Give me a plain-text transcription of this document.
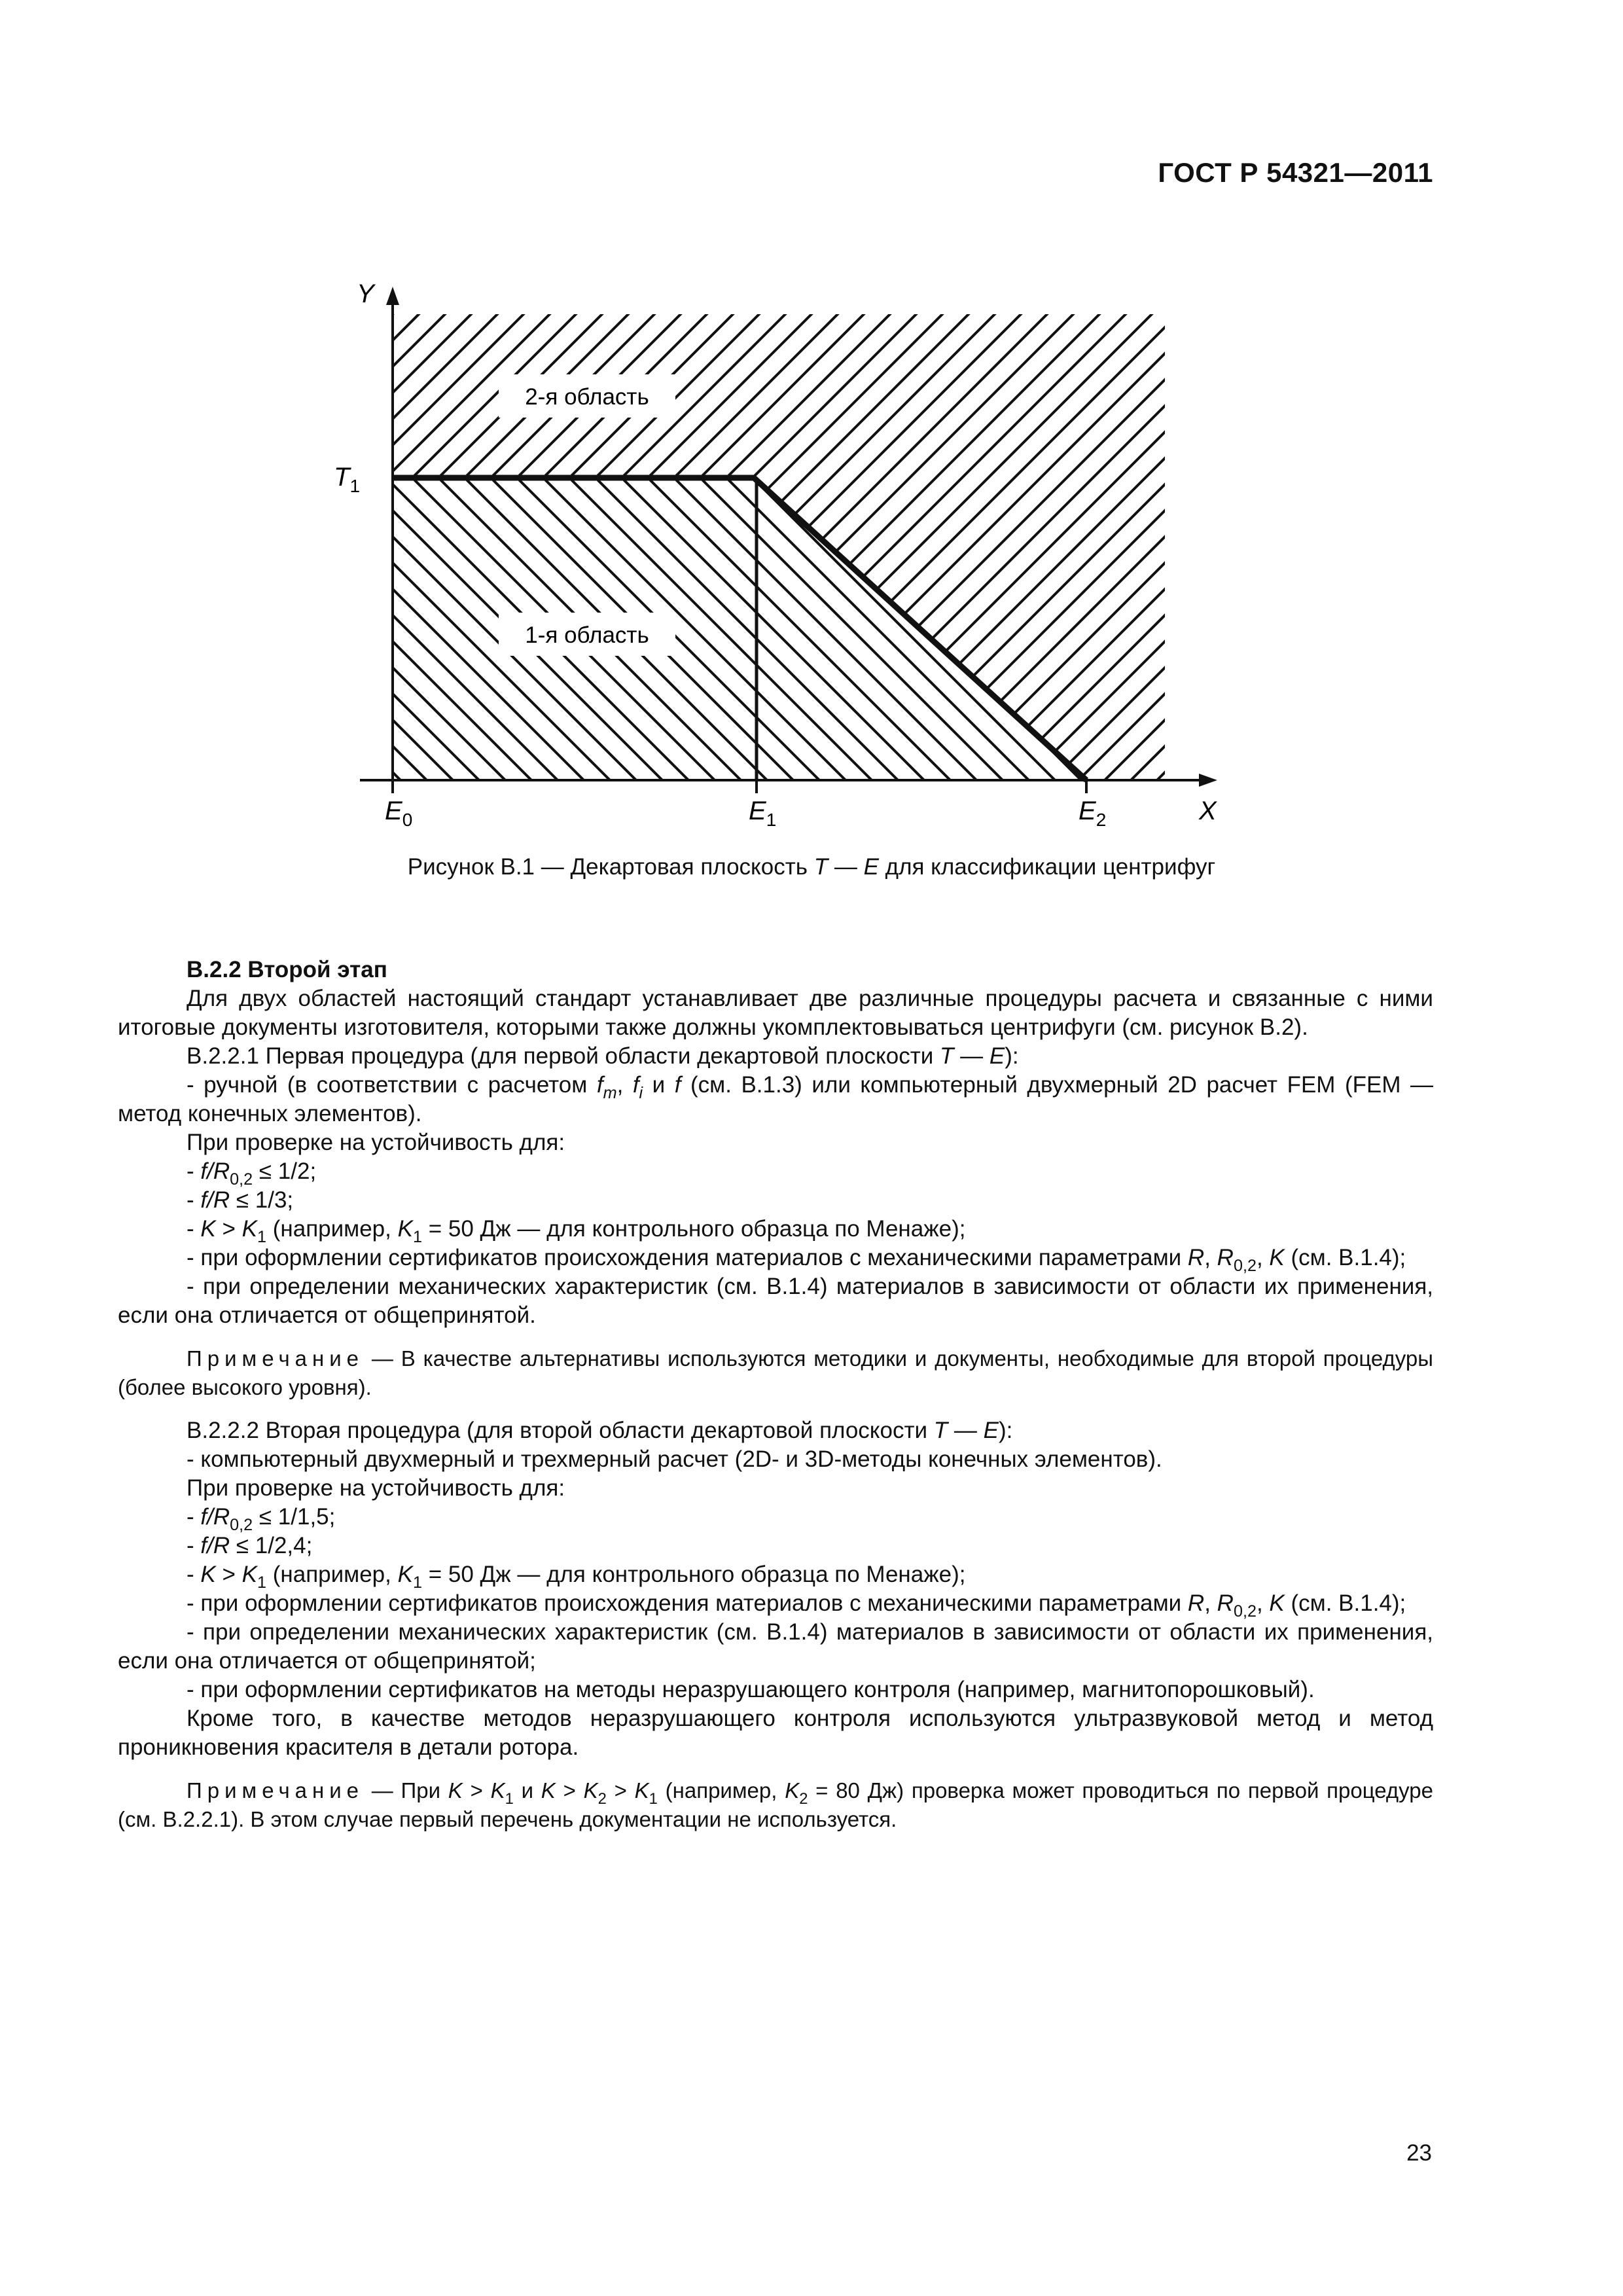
ГОСТ Р 54321—2011
2-я область
1-я область
Y
X
$T_1$
$E_0$	$E_1$	$E_2$
Рисунок В.1 — Декартовая плоскость T — E для классификации центрифуг

В.2.2 Второй этап

Для двух областей настоящий стандарт устанавливает две различные процедуры расчета и связанные с ними итоговые документы изготовителя, которыми также должны укомплектовываться центрифуги (см. рисунок В.2).

В.2.2.1 Первая процедура (для первой области декартовой плоскости T — E):

- ручной (в соответствии с расчетом $f_m$, $f_i$ и f (см. В.1.3) или компьютерный двухмерный 2D расчет FEM (FEM — метод конечных элементов).

При проверке на устойчивость для:

- $f/R_{0,2} \le 1/2$;

- f/R ≤ 1/3;

- $K > K_1$ (например, $K_1 = 50$ Дж — для контрольного образца по Менаже);

- при оформлении сертификатов происхождения материалов с механическими параметрами R, $R_{0,2}$, K (см. В.1.4);

- при определении механических характеристик (см. В.1.4) материалов в зависимости от области их применения, если она отличается от общепринятой.

Примечание — В качестве альтернативы используются методики и документы, необходимые для второй процедуры (более высокого уровня).

В.2.2.2 Вторая процедура (для второй области декартовой плоскости T — E):

- компьютерный двухмерный и трехмерный расчет (2D- и 3D-методы конечных элементов).

При проверке на устойчивость для:

- $f/R_{0,2} \le 1/1,5$;

- f/R ≤ 1/2,4;

- $K > K_1$ (например, $K_1 = 50$ Дж — для контрольного образца по Менаже);

- при оформлении сертификатов происхождения материалов с механическими параметрами R, $R_{0,2}$, K (см. В.1.4);

- при определении механических характеристик (см. В.1.4) материалов в зависимости от области их применения, если она отличается от общепринятой;

- при оформлении сертификатов на методы неразрушающего контроля (например, магнитопорошковый).

Кроме того, в качестве методов неразрушающего контроля используются ультразвуковой метод и метод проникновения красителя в детали ротора.

Примечание — При $K > K_1$ и $K > K_2 > K_1$ (например, $K_2 = 80$ Дж) проверка может проводиться по первой процедуре (см. В.2.2.1). В этом случае первый перечень документации не используется.

23
